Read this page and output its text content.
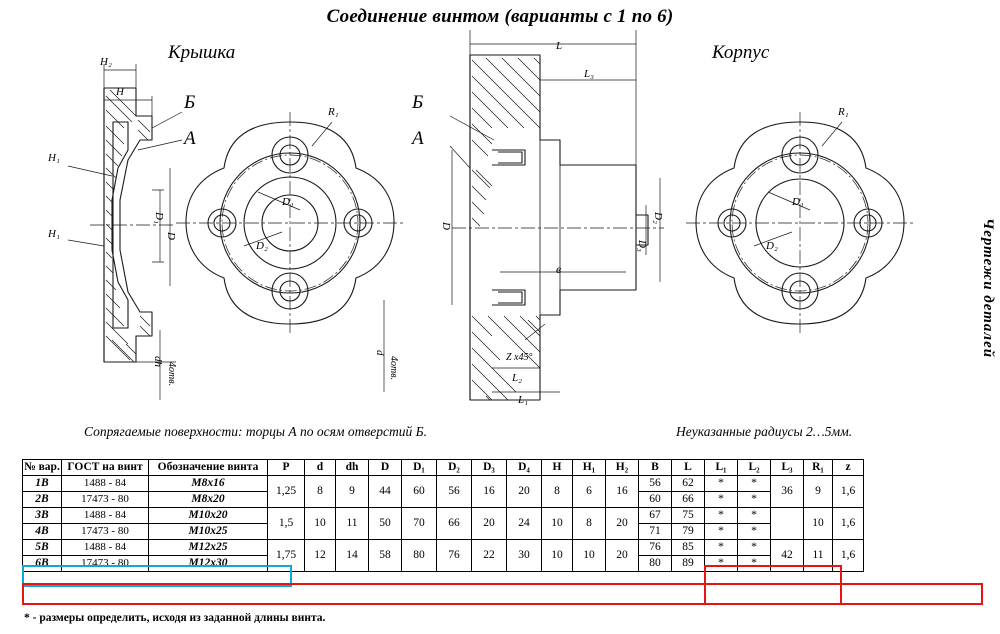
Соединение винтом (варианты с 1 по 6)
Крышка	Корпус
Чертежи деталей
H₂
H	Б
А
H₁
H₁
D₁
D
dh
4отв.
R₁
D₁
D₂
L
L₃
Б
А
D
D₂
D₃
в
d
4отв.	Z x45°
L₂
L₁
D₁
D₂
R₁
Сопрягаемые поверхности: торцы А по осям отверстий Б.	Неуказанные радиусы 2…5мм.
№ вар.	ГОСТ на винт	Обозначение винта	P	d	dh	D	D₁	D₂	D₃	D₄	H	H₁	H₂	B	L	L₁	L₂	L₃	R₁	z

1В	1488 - 84	М8х16	1,25	8	9	44	60	56	16	20	8	6	16	56	62	*	*	36	9	1,6
2В	17473 - 80	М8х20												60	66	*	*			
3В	1488 - 84	М10х20	1,5	10	11	50	70	66	20	24	10	8	20	67	75	*	*		10	1,6
4В	17473 - 80	М10х25												71	79	*	*			
5В	1488 - 84	М12х25	1,75	12	14	58	80	76	22	30	10	10	20	76	85	*	*	42	11	1,6
6В	17473 - 80	М12х30												80	89	*	*			
* - размеры определить, исходя из заданной длины винта.
